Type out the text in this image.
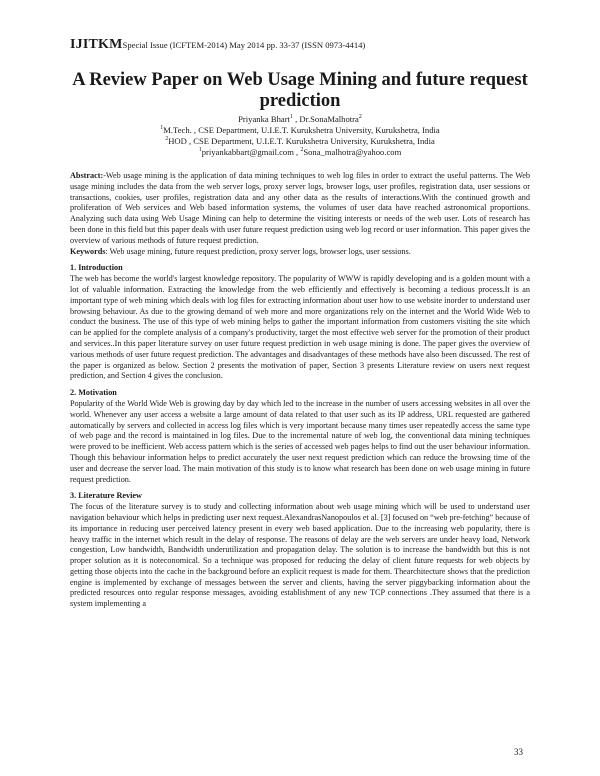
IJITKMSpecial Issue (ICFTEM-2014) May 2014 pp. 33-37 (ISSN 0973-4414)
A Review Paper on Web Usage Mining and future request prediction
Priyanka Bhart$^1$ , Dr.SonaMalhotra$^2$
$^1$M.Tech. , CSE Department, U.I.E.T. Kurukshetra University, Kurukshetra, India
$^2$HOD , CSE Department, U.I.E.T. Kurukshetra University, Kurukshetra, India
$^1$priyankabbart@gmail.com , $^2$Sona_malhotra@yahoo.com

Abstract:-Web usage mining is the application of data mining techniques to web log files in order to extract the useful patterns. The Web usage mining includes the data from the web server logs, proxy server logs, browser logs, user profiles, registration data, user sessions or transactions, cookies, user profiles, registration data and any other data as the results of interactions.With the continued growth and proliferation of Web services and Web based information systems, the volumes of user data have reached astronomical proportions. Analyzing such data using Web Usage Mining can help to determine the visiting interests or needs of the web user. Lots of research has been done in this field but this paper deals with user future request prediction using web log record or user information. This paper gives the overview of various methods of future request prediction.

Keywords: Web usage mining, future request prediction, proxy server logs, browser logs, user sessions.

1. Introduction

The web has become the world's largest knowledge repository. The popularity of WWW is rapidly developing and is a golden mount with a lot of valuable information. Extracting the knowledge from the web efficiently and effectively is becoming a tedious process.It is an important type of web mining which deals with log files for extracting information about user how to use website inorder to understand user browsing behaviour. As due to the growing demand of web more and more organizations rely on the internet and the World Wide Web to conduct the business. The use of this type of web mining helps to gather the important information from customers visiting the site which can be applied for the complete analysis of a company's productivity, target the most effective web server for the promotion of their product and services..In this paper literature survey on user future request prediction in web usage mining is done. The paper gives the overview of various methods of user future request prediction. The advantages and disadvantages of these methods have also been discussed. The rest of the paper is organized as below. Section 2 presents the motivation of paper, Section 3 presents Literature review on users next request prediction, and Section 4 gives the conclusion.

2. Motivation

Popularity of the World Wide Web is growing day by day which led to the increase in the number of users accessing websites in all over the world. Whenever any user access a website a large amount of data related to that user such as its IP address, URL requested are gathered automatically by servers and collected in access log files which is very important because many times user repeatedly access the same type of web page and the record is maintained in log files. Due to the incremental nature of web log, the conventional data mining techniques were proved to be inefficient. Web access pattern which is the series of accessed web pages helps to find out the user behaviour information. Though this behaviour information helps to predict accurately the user next request prediction which can reduce the browsing time of the user and decrease the server load. The main motivation of this study is to know what research has been done on web usage mining in future request prediction.

3. Literature Review

The focus of the literature survey is to study and collecting information about web usage mining which will be used to understand user navigation behaviour which helps in predicting user next request.AlexandrasNanopoulos et al. [3] focused on “web pre-fetching” because of its importance in reducing user perceived latency present in every web based application. Due to the increasing web popularity, there is heavy traffic in the internet which result in the delay of response. The reasons of delay are the web servers are under heavy load, Network congestion, Low bandwidth, Bandwidth underutilization and propagation delay. The solution is to increase the bandwidth but this is not proper solution as it is noteconomical. So a technique was proposed for reducing the delay of client future requests for web objects by getting those objects into the cache in the background before an explicit request is made for them. Thearchitecture shows that the prediction engine is implemented by exchange of messages between the server and clients, having the server piggybacking information about the predicted resources onto regular response messages, avoiding establishment of any new TCP connections .They assumed that there is a system implementing a

33
